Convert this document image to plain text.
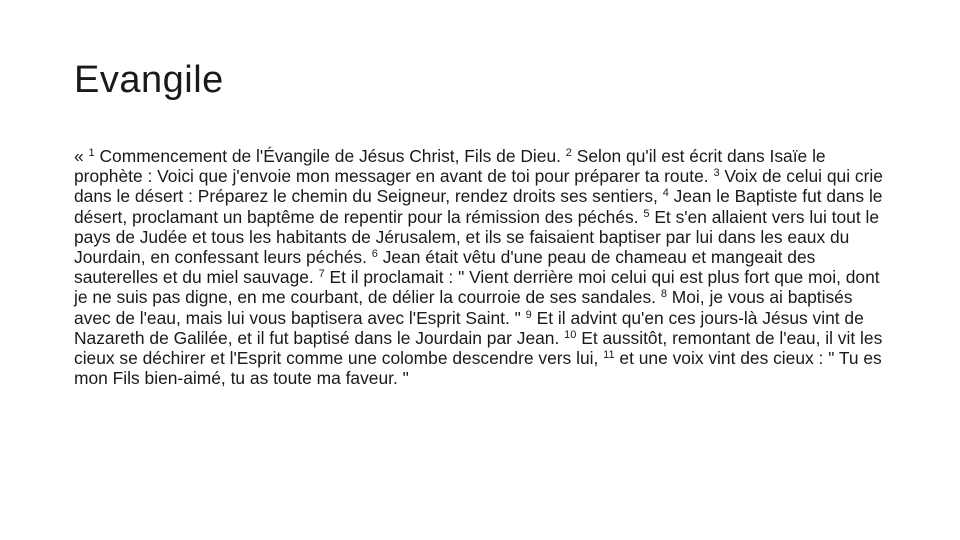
Evangile

« $^1$ Commencement de l'Évangile de Jésus Christ, Fils de Dieu. $^2$ Selon qu'il est écrit dans Isaïe le prophète : Voici que j'envoie mon messager en avant de toi pour préparer ta route. $^3$ Voix de celui qui crie dans le désert : Préparez le chemin du Seigneur, rendez droits ses sentiers, $^4$ Jean le Baptiste fut dans le désert, proclamant un baptême de repentir pour la rémission des péchés. $^5$ Et s'en allaient vers lui tout le pays de Judée et tous les habitants de Jérusalem, et ils se faisaient baptiser par lui dans les eaux du Jourdain, en confessant leurs péchés. $^6$ Jean était vêtu d'une peau de chameau et mangeait des sauterelles et du miel sauvage. $^7$ Et il proclamait : " Vient derrière moi celui qui est plus fort que moi, dont je ne suis pas digne, en me courbant, de délier la courroie de ses sandales. $^8$ Moi, je vous ai baptisés avec de l'eau, mais lui vous baptisera avec l'Esprit Saint. " $^9$ Et il advint qu'en ces jours-là Jésus vint de Nazareth de Galilée, et il fut baptisé dans le Jourdain par Jean. $^{10}$ Et aussitôt, remontant de l'eau, il vit les cieux se déchirer et l'Esprit comme une colombe descendre vers lui, $^{11}$ et une voix vint des cieux : " Tu es mon Fils bien-aimé, tu as toute ma faveur. "
